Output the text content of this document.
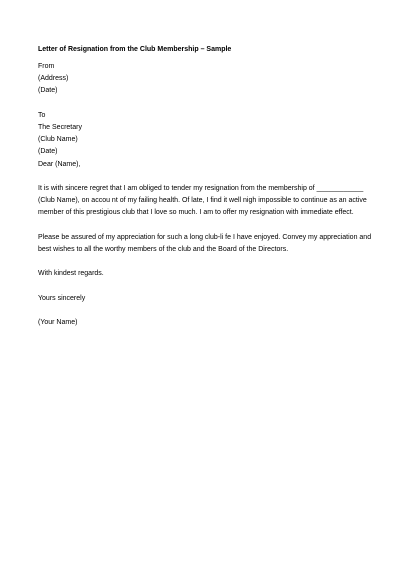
Letter of Resignation from the Club Membership – Sample

From

(Address)

(Date)

To

The Secretary

(Club Name)

(Date)

Dear (Name),

It is with sincere regret that I am obliged to tender my resignation from the membership of ____________

(Club Name), on accou nt of my failing health. Of late, I find it well nigh impossible to continue as an active

member of this prestigious club that I love so much. I am to offer my resignation with immediate effect.

Please be assured of my appreciation for such a long club-li fe I have enjoyed. Convey my appreciation and

best wishes to all the worthy members of the club and the Board of the Directors.

With kindest regards.

Yours sincerely

(Your Name)
